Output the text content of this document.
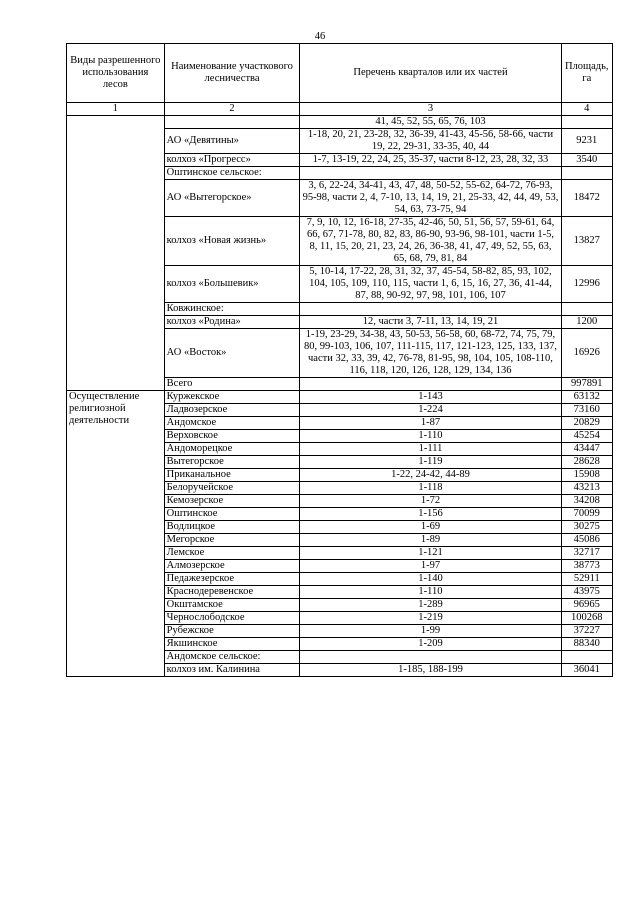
46
Виды разрешенного использования лесов	Наименование участкового лесничества	Перечень кварталов или их частей	Площадь, га
1	2	3	4
		41, 45, 52, 55, 65, 76, 103	
	АО «Девятины»	1-18, 20, 21, 23-28, 32, 36-39, 41-43, 45-56, 58-66, части 19, 22, 29-31, 33-35, 40, 44	9231
	колхоз «Прогресс»	1-7, 13-19, 22, 24, 25, 35-37, части 8-12, 23, 28, 32, 33	3540
	Оштинское сельское:		
	АО «Вытегорское»	3, 6, 22-24, 34-41, 43, 47, 48, 50-52, 55-62, 64-72, 76-93, 95-98, части 2, 4, 7-10, 13, 14, 19, 21, 25-33, 42, 44, 49, 53, 54, 63, 73-75, 94	18472
	колхоз «Новая жизнь»	7, 9, 10, 12, 16-18, 27-35, 42-46, 50, 51, 56, 57, 59-61, 64, 66, 67, 71-78, 80, 82, 83, 86-90, 93-96, 98-101, части 1-5, 8, 11, 15, 20, 21, 23, 24, 26, 36-38, 41, 47, 49, 52, 55, 63, 65, 68, 79, 81, 84	13827
	колхоз «Большевик»	5, 10-14, 17-22, 28, 31, 32, 37, 45-54, 58-82, 85, 93, 102, 104, 105, 109, 110, 115, части 1, 6, 15, 16, 27, 36, 41-44, 87, 88, 90-92, 97, 98, 101, 106, 107	12996
	Ковжинское:		
	колхоз «Родина»	12, части 3, 7-11, 13, 14, 19, 21	1200
	АО «Восток»	1-19, 23-29, 34-38, 43, 50-53, 56-58, 60, 68-72, 74, 75, 79, 80, 99-103, 106, 107, 111-115, 117, 121-123, 125, 133, 137, части 32, 33, 39, 42, 76-78, 81-95, 98, 104, 105, 108-110, 116, 118, 120, 126, 128, 129, 134, 136	16926
	Всего		997891
Осуществление религиозной деятельности	Куржекское	1-143	63132
	Ладвозерское	1-224	73160
	Андомское	1-87	20829
	Верховское	1-110	45254
	Андоморецкое	1-111	43447
	Вытегорское	1-119	28628
	Приканальное	1-22, 24-42, 44-89	15908
	Белоручейское	1-118	43213
	Кемозерское	1-72	34208
	Оштинское	1-156	70099
	Водлицкое	1-69	30275
	Мегорское	1-89	45086
	Лемское	1-121	32717
	Алмозерское	1-97	38773
	Педажезерское	1-140	52911
	Краснодеревенское	1-110	43975
	Окштамское	1-289	96965
	Чернослободское	1-219	100268
	Рубежское	1-99	37227
	Якшинское	1-209	88340
	Андомское сельское:		
	колхоз им. Калинина	1-185, 188-199	36041
